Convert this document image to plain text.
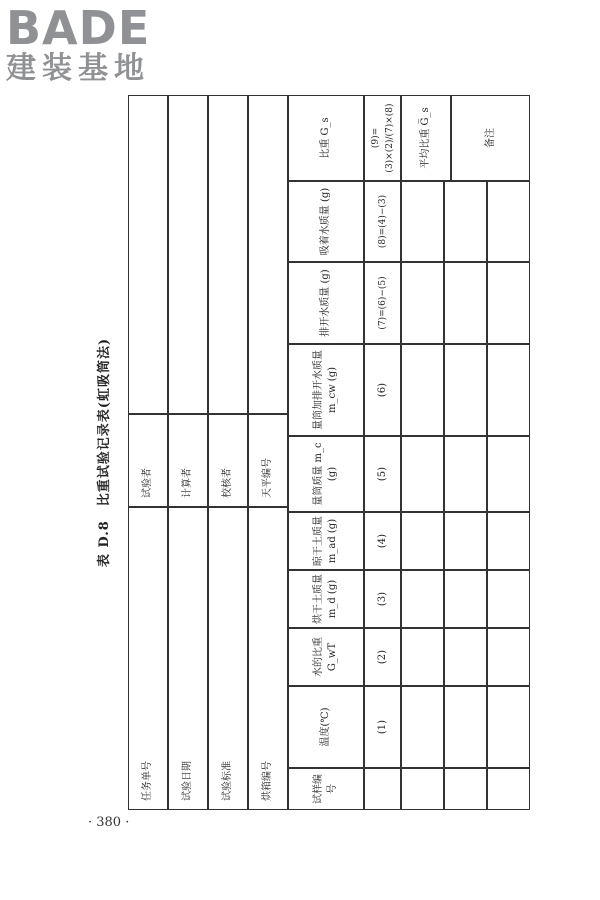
BADE
建装基地
表 D.8　比重试验记录表(虹吸筒法)
任务单号
试验者
试验日期
计算者
试验标准
校核者
烘箱编号
天平编号
试样编号
温度(℃)
水的比重 G_wT
烘干土质量 m_d (g)
晾干土质量 m_ad (g)
量筒质量 m_c (g)
量筒加排开水质量 m_cw (g)
排开水质量 (g)
吸着水质量 (g)
比重 G_s
(1)
(2)
(3)
(4)
(5)
(6)
(7)=(6)−(5)
(8)=(4)−(3)
(9)=(3)×(2)/(7)×(8)	平均比重 G̅_s	备注
· 380 ·
